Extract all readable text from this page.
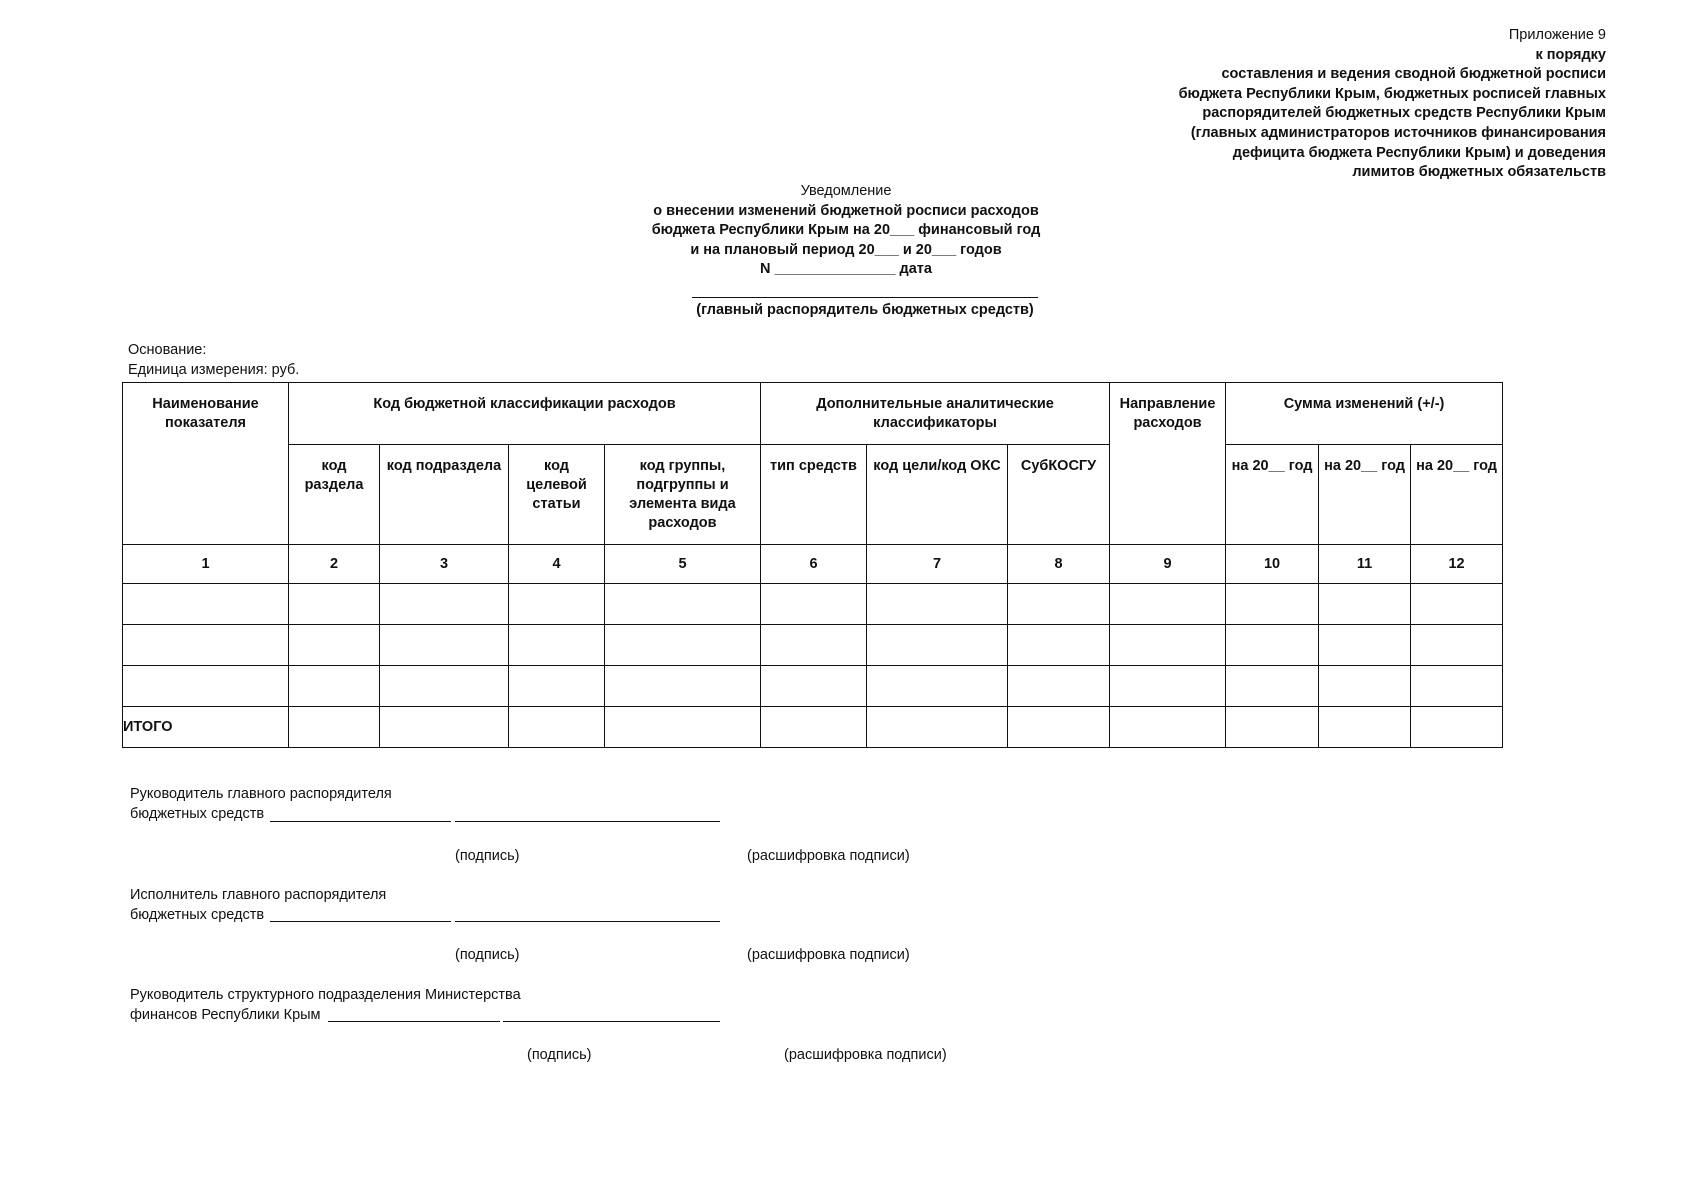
Приложение 9
к порядку
составления и ведения сводной бюджетной росписи
бюджета Республики Крым, бюджетных росписей главных
распорядителей бюджетных средств Республики Крым
(главных администраторов источников финансирования
дефицита бюджета Республики Крым) и доведения
лимитов бюджетных обязательств
Уведомление
о внесении изменений бюджетной росписи расходов
бюджета Республики Крым на 20___ финансовый год
и на плановый период 20___ и 20___ годов
N _______________ дата
(главный распорядитель бюджетных средств)
Основание:
Единица измерения: руб.
Наименование показателя	Код бюджетной классификации расходов				Дополнительные аналитические классификаторы			Направление расходов	Сумма изменений (+/-)		
	код раздела	код подраздела	код целевой статьи	код группы, подгруппы и элемента вида расходов	тип средств	код цели/код ОКС	СубКОСГУ		на 20__ год	на 20__ год	на 20__ год
1	2	3	4	5	6	7	8	9	10	11	12

ИТОГО											
Руководитель главного распорядителя
бюджетных средств
(подпись)	(расшифровка подписи)
Исполнитель главного распорядителя
бюджетных средств
(подпись)	(расшифровка подписи)
Руководитель структурного подразделения Министерства
финансов Республики Крым
(подпись)	(расшифровка подписи)
